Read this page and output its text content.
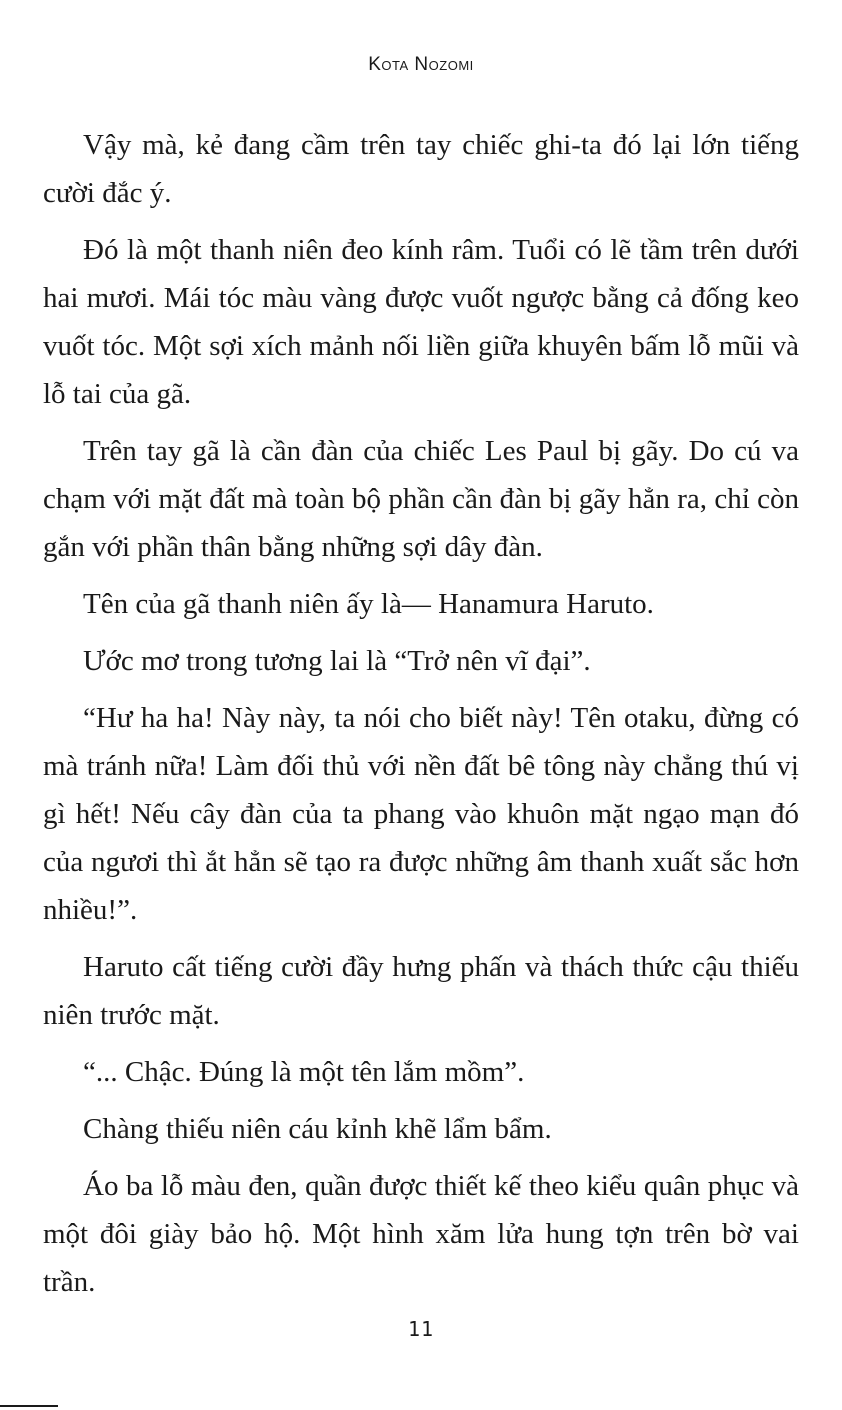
Kota Nozomi

Vậy mà, kẻ đang cầm trên tay chiếc ghi-ta đó lại lớn tiếng cười đắc ý.

Đó là một thanh niên đeo kính râm. Tuổi có lẽ tầm trên dưới hai mươi. Mái tóc màu vàng được vuốt ngược bằng cả đống keo vuốt tóc. Một sợi xích mảnh nối liền giữa khuyên bấm lỗ mũi và lỗ tai của gã.

Trên tay gã là cần đàn của chiếc Les Paul bị gãy. Do cú va chạm với mặt đất mà toàn bộ phần cần đàn bị gãy hẳn ra, chỉ còn gắn với phần thân bằng những sợi dây đàn.

Tên của gã thanh niên ấy là— Hanamura Haruto.

Ước mơ trong tương lai là “Trở nên vĩ đại”.

“Hư ha ha! Này này, ta nói cho biết này! Tên otaku, đừng có mà tránh nữa! Làm đối thủ với nền đất bê tông này chẳng thú vị gì hết! Nếu cây đàn của ta phang vào khuôn mặt ngạo mạn đó của ngươi thì ắt hẳn sẽ tạo ra được những âm thanh xuất sắc hơn nhiều!”.

Haruto cất tiếng cười đầy hưng phấn và thách thức cậu thiếu niên trước mặt.

“... Chậc. Đúng là một tên lắm mồm”.

Chàng thiếu niên cáu kỉnh khẽ lẩm bẩm.

Áo ba lỗ màu đen, quần được thiết kế theo kiểu quân phục và một đôi giày bảo hộ. Một hình xăm lửa hung tợn trên bờ vai trần.

11
